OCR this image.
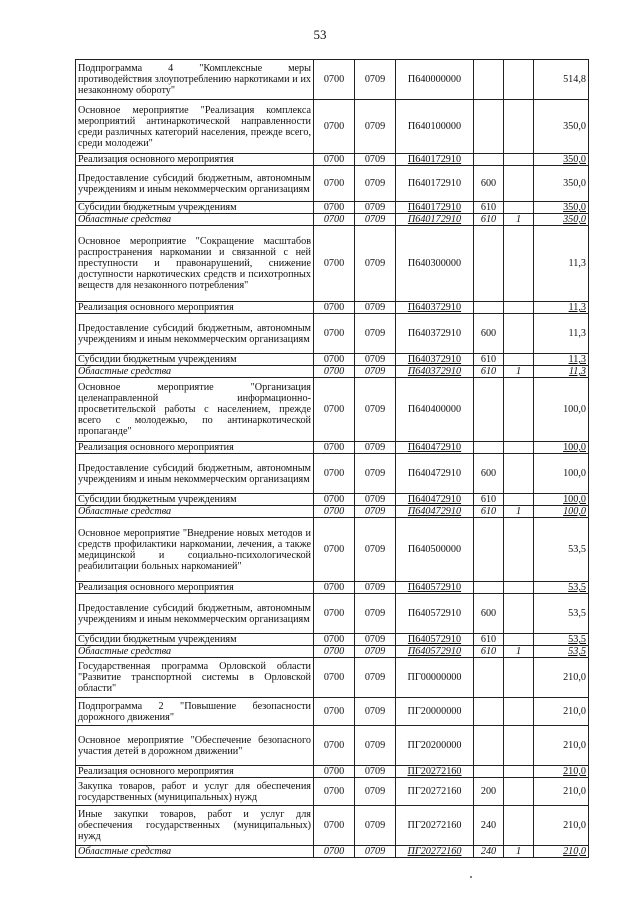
53
Подпрограмма 4 "Комплексные меры противодействия злоупотреблению наркотиками и их незаконному обороту"	0700	0709	П640000000			514,8
Основное мероприятие "Реализация комплекса мероприятий антинаркотической направленности среди различных категорий населения, прежде всего, среди молодежи"	0700	0709	П640100000			350,0
Реализация основного мероприятия	0700	0709	П640172910			350,0
Предоставление субсидий бюджетным, автономным учреждениям и иным некоммерческим организациям	0700	0709	П640172910	600		350,0
Субсидии бюджетным учреждениям	0700	0709	П640172910	610		350,0
Областные средства	0700	0709	П640172910	610	1	350,0
Основное мероприятие "Сокращение масштабов распространения наркомании и связанной с ней преступности и правонарушений, снижение доступности наркотических средств и психотропных веществ для незаконного потребления"	0700	0709	П640300000			11,3
Реализация основного мероприятия	0700	0709	П640372910			11,3
Предоставление субсидий бюджетным, автономным учреждениям и иным некоммерческим организациям	0700	0709	П640372910	600		11,3
Субсидии бюджетным учреждениям	0700	0709	П640372910	610		11,3
Областные средства	0700	0709	П640372910	610	1	11,3
Основное мероприятие "Организация целенаправленной информационно-просветительской работы с населением, прежде всего с молодежью, по антинаркотической пропаганде"	0700	0709	П640400000			100,0
Реализация основного мероприятия	0700	0709	П640472910			100,0
Предоставление субсидий бюджетным, автономным учреждениям и иным некоммерческим организациям	0700	0709	П640472910	600		100,0
Субсидии бюджетным учреждениям	0700	0709	П640472910	610		100,0
Областные средства	0700	0709	П640472910	610	1	100,0
Основное мероприятие "Внедрение новых методов и средств профилактики наркомании, лечения, а также медицинской и социально-психологической реабилитации больных наркоманией"	0700	0709	П640500000			53,5
Реализация основного мероприятия	0700	0709	П640572910			53,5
Предоставление субсидий бюджетным, автономным учреждениям и иным некоммерческим организациям	0700	0709	П640572910	600		53,5
Субсидии бюджетным учреждениям	0700	0709	П640572910	610		53,5
Областные средства	0700	0709	П640572910	610	1	53,5
Государственная программа Орловской области "Развитие транспортной системы в Орловской области"	0700	0709	ПГ00000000			210,0
Подпрограмма 2 "Повышение безопасности дорожного движения"	0700	0709	ПГ20000000			210,0
Основное мероприятие "Обеспечение безопасного участия детей в дорожном движении"	0700	0709	ПГ20200000			210,0
Реализация основного мероприятия	0700	0709	ПГ20272160			210,0
Закупка товаров, работ и услуг для обеспечения государственных (муниципальных) нужд	0700	0709	ПГ20272160	200		210,0
Иные закупки товаров, работ и услуг для обеспечения государственных (муниципальных) нужд	0700	0709	ПГ20272160	240		210,0
Областные средства	0700	0709	ПГ20272160	240	1	210,0
